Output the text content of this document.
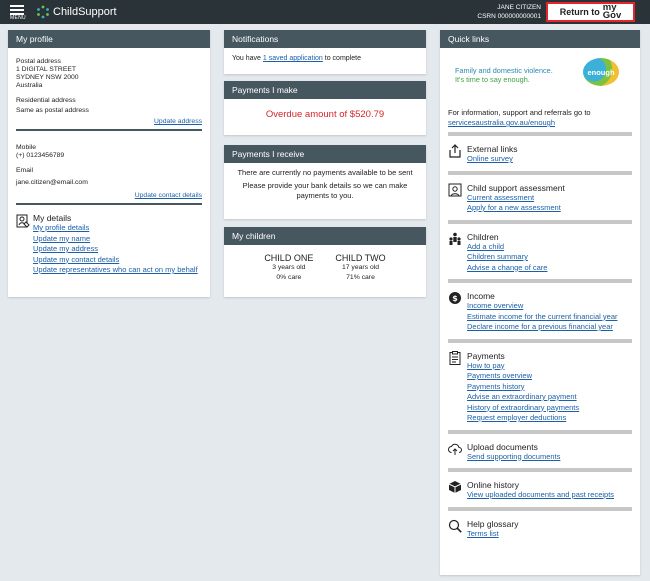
MENU ChildSupport	JANE CITIZEN
CSRN 000000000001 Return to my
Gov
My profile
Postal address
1 DIGITAL STREET
SYDNEY NSW 2000
Australia
Residential address
Same as postal address
Update address
Mobile
(+) 0123456789
Email
jane.citizen@email.com
Update contact details
My details
My profile details
Update my name
Update my address
Update my contact details
Update representatives who can act on my behalf
Notifications
You have 1 saved application to complete
Payments I make
Overdue amount of $520.79
Payments I receive
There are currently no payments available to be sent
Please provide your bank details so we can make payments to you.
My children
CHILD ONE
3 years old
0% care
CHILD TWO
17 years old
71% care
Quick links
Family and domestic violence.
It's time to say enough.
enough
For information, support and referrals go to
servicesaustralia.gov.au/enough
External links
Online survey
Child support assessment
Current assessment
Apply for a new assessment
Children
Add a child
Children summary
Advise a change of care
$ Income
Income overview
Estimate income for the current financial year
Declare income for a previous financial year
Payments
How to pay
Payments overview
Payments history
Advise an extraordinary payment
History of extraordinary payments
Request employer deductions
Upload documents
Send supporting documents
Online history
View uploaded documents and past receipts
Help glossary
Terms list
